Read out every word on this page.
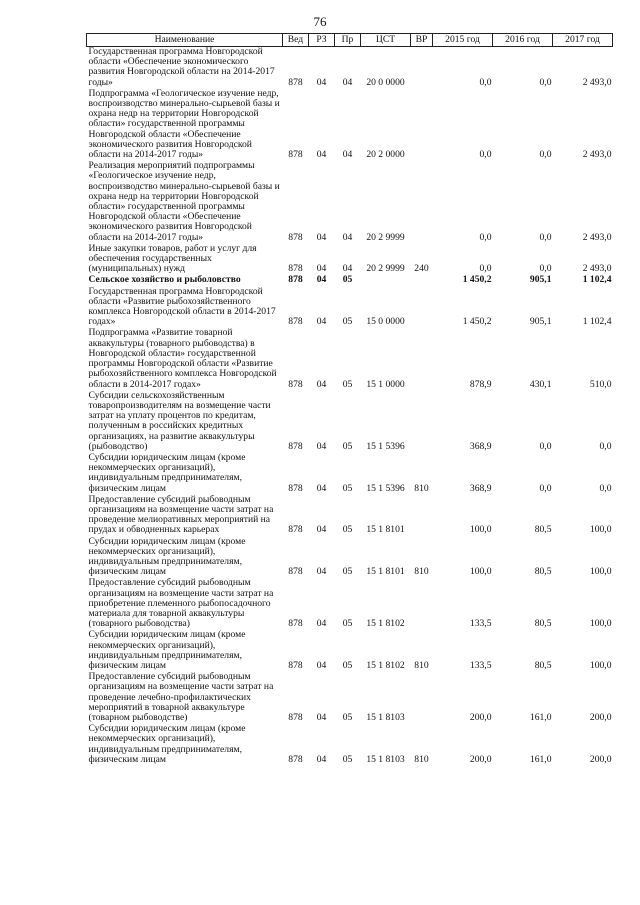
76
Наименование	Вед	РЗ	Пр	ЦСТ	ВР	2015 год	2016 год	2017 год
Государственная программа Новгородской области «Обеспечение экономического развития Новгородской области на 2014-2017 годы»	878	04	04	20 0 0000		0,0	0,0	2 493,0
Подпрограмма «Геологическое изучение недр, воспроизводство минерально-сырьевой базы и охрана недр на территории Новгородской области» государственной программы Новгородской области «Обеспечение экономического развития Новгородской области на 2014-2017 годы»	878	04	04	20 2 0000		0,0	0,0	2 493,0
Реализация мероприятий подпрограммы «Геологическое изучение недр, воспроизводство минерально-сырьевой базы и охрана недр на территории Новгородской области» государственной программы Новгородской области «Обеспечение экономического развития Новгородской области на 2014-2017 годы»	878	04	04	20 2 9999		0,0	0,0	2 493,0
Иные закупки товаров, работ и услуг для обеспечения государственных (муниципальных) нужд	878	04	04	20 2 9999	240	0,0	0,0	2 493,0
Сельское хозяйство и рыболовство	878	04	05			1 450,2	905,1	1 102,4
Государственная программа Новгородской области «Развитие рыбохозяйственного комплекса Новгородской области в 2014-2017 годах»	878	04	05	15 0 0000		1 450,2	905,1	1 102,4
Подпрограмма «Развитие товарной аквакультуры (товарного рыбоводства) в Новгородской области» государственной программы Новгородской области «Развитие рыбохозяйственного комплекса Новгородской области в 2014-2017 годах»	878	04	05	15 1 0000		878,9	430,1	510,0
Субсидии сельскохозяйственным товаропроизводителям на возмещение части затрат на уплату процентов по кредитам, полученным в российских кредитных организациях, на развитие аквакультуры (рыбоводство)	878	04	05	15 1 5396		368,9	0,0	0,0
Субсидии юридическим лицам (кроме некоммерческих организаций), индивидуальным предпринимателям, физическим лицам	878	04	05	15 1 5396	810	368,9	0,0	0,0
Предоставление субсидий рыбоводным организациям на возмещение части затрат на проведение мелиоративных мероприятий на прудах и обводненных карьерах	878	04	05	15 1 8101		100,0	80,5	100,0
Субсидии юридическим лицам (кроме некоммерческих организаций), индивидуальным предпринимателям, физическим лицам	878	04	05	15 1 8101	810	100,0	80,5	100,0
Предоставление субсидий рыбоводным организациям на возмещение части затрат на приобретение племенного рыбопосадочного материала для товарной аквакультуры (товарного рыбоводства)	878	04	05	15 1 8102		133,5	80,5	100,0
Субсидии юридическим лицам (кроме некоммерческих организаций), индивидуальным предпринимателям, физическим лицам	878	04	05	15 1 8102	810	133,5	80,5	100,0
Предоставление субсидий рыбоводным организациям на возмещение части затрат на проведение лечебно-профилактических мероприятий в товарной аквакультуре (товарном рыбоводстве)	878	04	05	15 1 8103		200,0	161,0	200,0
Субсидии юридическим лицам (кроме некоммерческих организаций), индивидуальным предпринимателям, физическим лицам	878	04	05	15 1 8103	810	200,0	161,0	200,0
